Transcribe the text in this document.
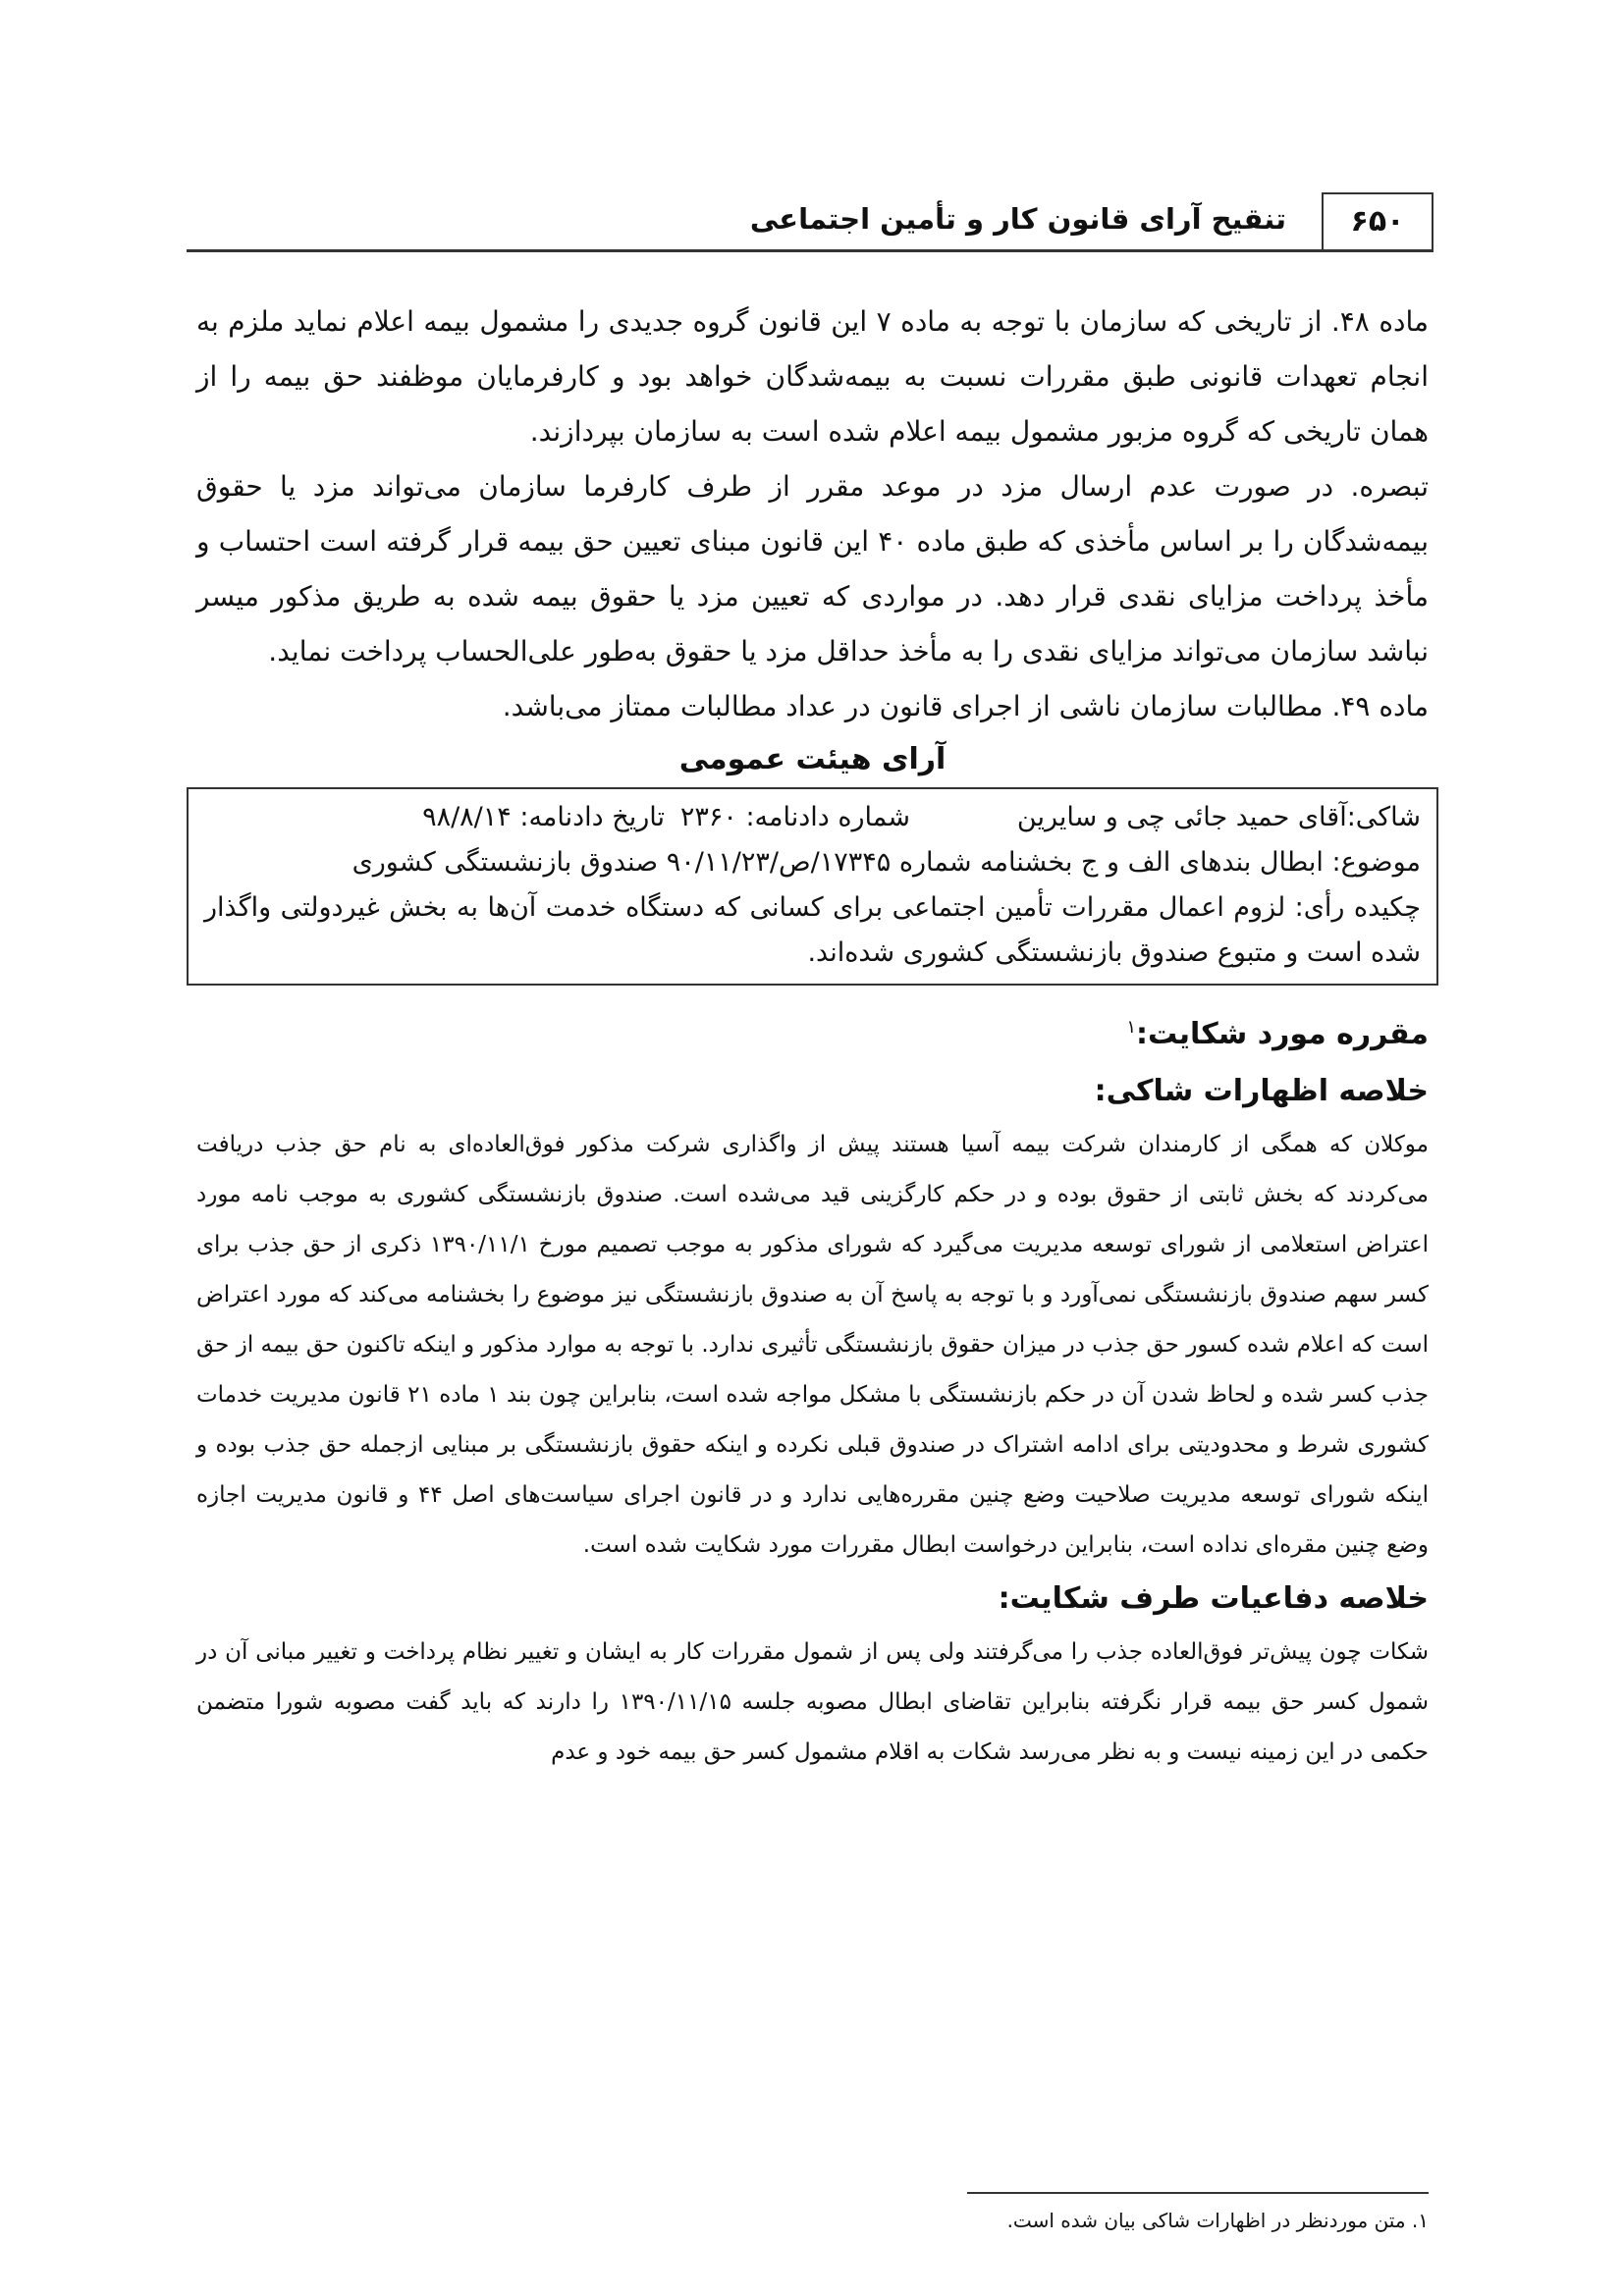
۶۵۰
تنقیح آرای قانون کار و تأمین اجتماعی

ماده ۴۸. از تاریخی که سازمان با توجه به ماده ۷ این قانون گروه جدیدی را مشمول بیمه اعلام نماید ملزم به انجام تعهدات قانونی طبق مقررات نسبت به بیمه‌شدگان خواهد بود و کارفرمایان موظفند حق بیمه را از همان تاریخی که گروه مزبور مشمول بیمه اعلام شده است به سازمان بپردازند.

تبصره. در صورت عدم ارسال مزد در موعد مقرر از طرف کارفرما سازمان می‌تواند مزد یا حقوق بیمه‌شدگان را بر اساس مأخذی که طبق ماده ۴۰ این قانون مبنای تعیین حق بیمه قرار گرفته است احتساب و مأخذ پرداخت مزایای نقدی قرار دهد. در مواردی که تعیین مزد یا حقوق بیمه شده به طریق مذکور میسر نباشد سازمان می‌تواند مزایای نقدی را به مأخذ حداقل مزد یا حقوق به‌طور علی‌الحساب پرداخت نماید.

ماده ۴۹. مطالبات سازمان ناشی از اجرای قانون در عداد مطالبات ممتاز می‌باشد.

آرای هیئت عمومی
شاکی:آقای حمید جائی چی و سایرین
شماره دادنامه: ۲۳۶۰
تاریخ دادنامه: ۹۸/۸/۱۴

موضوع: ابطال بندهای الف و ج بخشنامه شماره ۱۷۳۴۵/ص/۹۰/۱۱/۲۳ صندوق بازنشستگی کشوری

چکیده رأی: لزوم اعمال مقررات تأمین اجتماعی برای کسانی که دستگاه خدمت آن‌ها به بخش غیردولتی واگذار شده است و متبوع صندوق بازنشستگی کشوری شده‌اند.

مقرره مورد شکایت:$^۱$

خلاصه اظهارات شاکی:

موکلان که همگی از کارمندان شرکت بیمه آسیا هستند پیش از واگذاری شرکت مذکور فوق‌العاده‌ای به نام حق جذب دریافت می‌کردند که بخش ثابتی از حقوق بوده و در حکم کارگزینی قید می‌شده است. صندوق بازنشستگی کشوری به موجب نامه مورد اعتراض استعلامی از شورای توسعه مدیریت می‌گیرد که شورای مذکور به موجب تصمیم مورخ ۱۳۹۰/۱۱/۱ ذکری از حق جذب برای کسر سهم صندوق بازنشستگی نمی‌آورد و با توجه به پاسخ آن به صندوق بازنشستگی نیز موضوع را بخشنامه می‌کند که مورد اعتراض است که اعلام شده کسور حق جذب در میزان حقوق بازنشستگی تأثیری ندارد. با توجه به موارد مذکور و اینکه تاکنون حق بیمه از حق جذب کسر شده و لحاظ شدن آن در حکم بازنشستگی با مشکل مواجه شده است، بنابراین چون بند ۱ ماده ۲۱ قانون مدیریت خدمات کشوری شرط و محدودیتی برای ادامه اشتراک در صندوق قبلی نکرده و اینکه حقوق بازنشستگی بر مبنایی ازجمله حق جذب بوده و اینکه شورای توسعه مدیریت صلاحیت وضع چنین مقرره‌هایی ندارد و در قانون اجرای سیاست‌های اصل ۴۴ و قانون مدیریت اجازه وضع چنین مقره‌ای نداده است، بنابراین درخواست ابطال مقررات مورد شکایت شده است.

خلاصه دفاعیات طرف شکایت:

شکات چون پیش‌تر فوق‌العاده جذب را می‌گرفتند ولی پس از شمول مقررات کار به ایشان و تغییر نظام پرداخت و تغییر مبانی آن در شمول کسر حق بیمه قرار نگرفته بنابراین تقاضای ابطال مصوبه جلسه ۱۳۹۰/۱۱/۱۵ را دارند که باید گفت مصوبه شورا متضمن حکمی در این زمینه نیست و به نظر می‌رسد شکات به اقلام مشمول کسر حق بیمه خود و عدم

۱. متن موردنظر در اظهارات شاکی بیان شده است.
